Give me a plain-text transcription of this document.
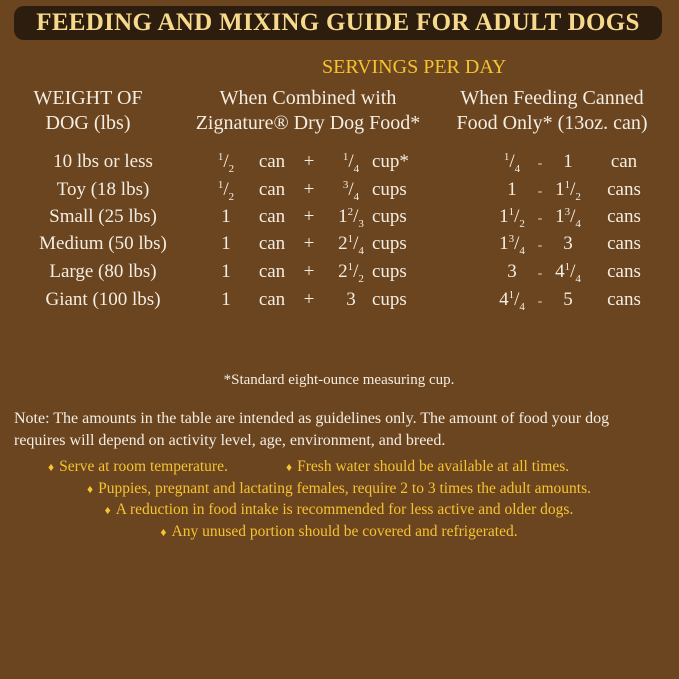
FEEDING AND MIXING GUIDE FOR ADULT DOGS
SERVINGS PER DAY
WEIGHT OF
DOG (lbs)
When Combined with
Zignature® Dry Dog Food*
When Feeding Canned
Food Only* (13oz. can)
10 lbs or less	$^1/_2$ can +	$^1/_4$ cup*	$^1/_4 - 1$ can
Toy (18 lbs)	$^1/_2$ can +	$^3/_4$ cups	$1 - 1^1/_2$ cans
Small (25 lbs)	1 can + $1^2/_3$ cups	$1^1/_2 - 1^3/_4$ cans
Medium (50 lbs)	1 can + $2^1/_4$ cups	$1^3/_4 - 3$ cans
Large (80 lbs)	1 can + $2^1/_2$ cups	$3 - 4^1/_4$ cans
Giant (100 lbs)	1 can + 3 cups	$4^1/_4 - 5$ cans
*Standard eight-ounce measuring cup.
Note: The amounts in the table are intended as guidelines only. The amount of food your dog
requires will depend on activity level, age, environment, and breed.
♦ Serve at room temperature.	♦ Fresh water should be available at all times.
♦ Puppies, pregnant and lactating females, require 2 to 3 times the adult amounts.
♦ A reduction in food intake is recommended for less active and older dogs.
♦ Any unused portion should be covered and refrigerated.
